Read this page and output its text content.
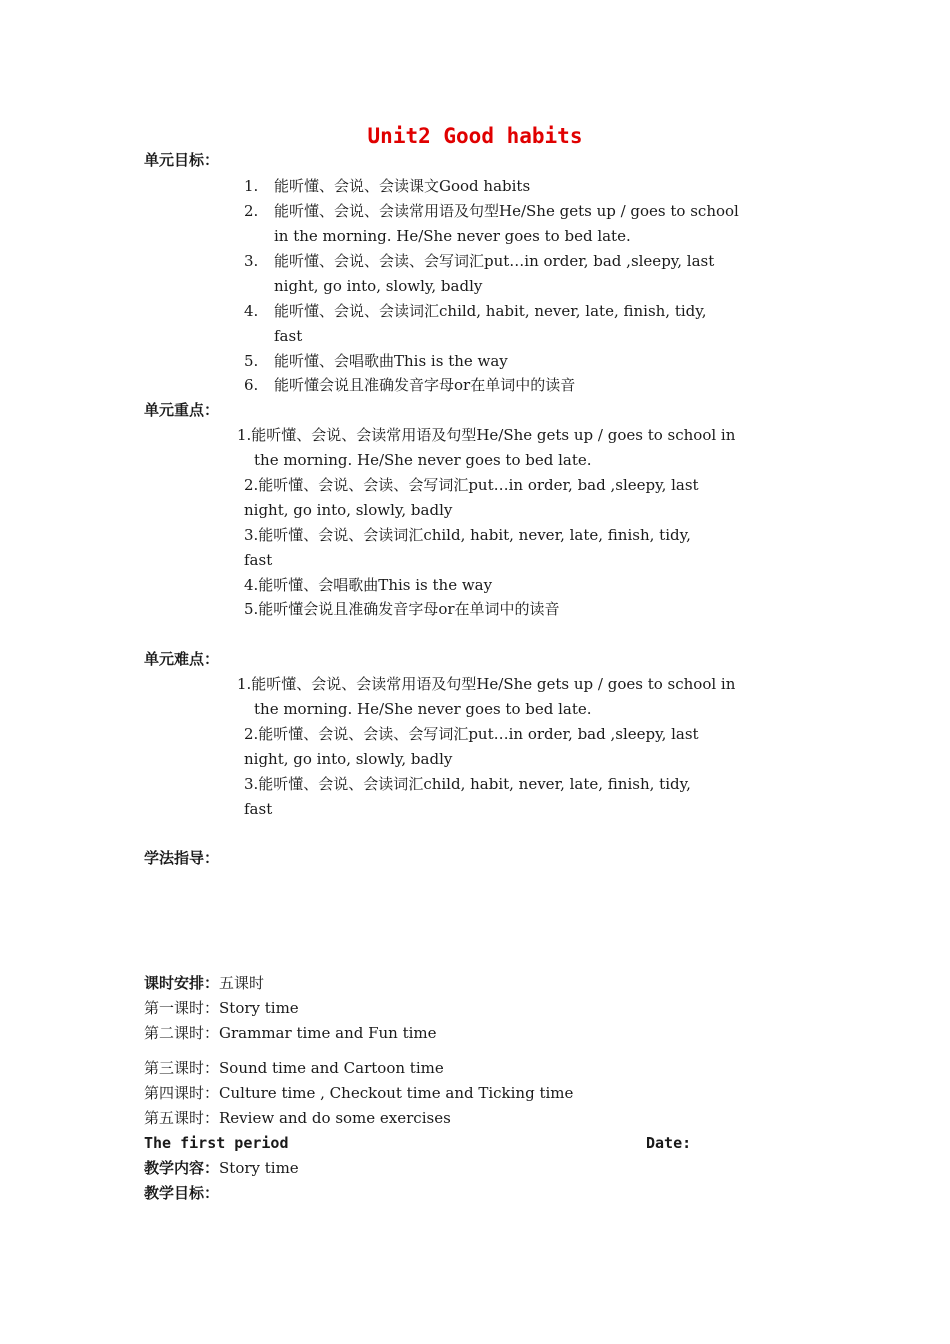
Unit2 Good habits
单元目标：
1. 能听懂、会说、会读课文Good habits
2. 能听懂、会说、会读常用语及句型He/She gets up / goes to school
in the morning. He/She never goes to bed late.
3. 能听懂、会说、会读、会写词汇put…in order, bad ,sleepy, last
night, go into, slowly, badly
4. 能听懂、会说、会读词汇child, habit, never, late, finish, tidy,
fast
5. 能听懂、会唱歌曲This is the way
6. 能听懂会说且准确发音字母or在单词中的读音
单元重点：
1.能听懂、会说、会读常用语及句型He/She gets up / goes to school in
the morning. He/She never goes to bed late.
2.能听懂、会说、会读、会写词汇put…in order, bad ,sleepy, last
night, go into, slowly, badly
3.能听懂、会说、会读词汇child, habit, never, late, finish, tidy,
fast
4.能听懂、会唱歌曲This is the way
5.能听懂会说且准确发音字母or在单词中的读音
单元难点：
1.能听懂、会说、会读常用语及句型He/She gets up / goes to school in
the morning. He/She never goes to bed late.
2.能听懂、会说、会读、会写词汇put…in order, bad ,sleepy, last
night, go into, slowly, badly
3.能听懂、会说、会读词汇child, habit, never, late, finish, tidy,
fast
学法指导：
课时安排：五课时
第一课时：Story time
第二课时：Grammar time and Fun time
第三课时：Sound time and Cartoon time
第四课时：Culture time , Checkout time and Ticking time
第五课时：Review and do some exercises
The first period	Date:
教学内容：Story time
教学目标：
